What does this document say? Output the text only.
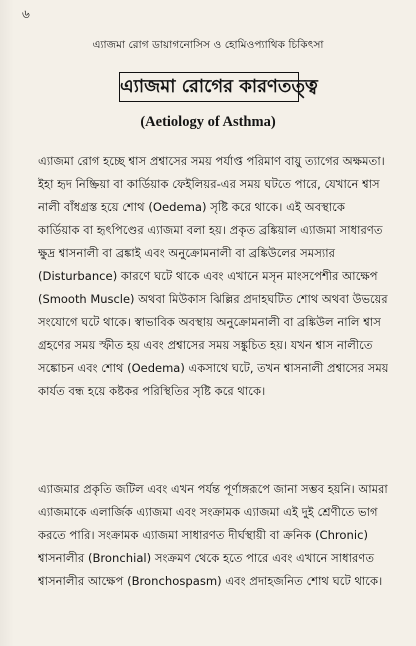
৬
এ্যাজমা রোগ ডায়াগনোসিস ও হোমিওপ্যাথিক চিকিৎসা
এ্যাজমা রোগের কারণতত্ত্ব
(Aetiology of Asthma)
এ্যাজমা রোগ হচ্ছে শ্বাস প্রশ্বাসের সময় পর্যাপ্ত পরিমাণ বায়ু ত্যাগের অক্ষমতা।
ইহা হৃদ নিষ্ক্রিয়া বা কার্ডিয়াক ফেইলিয়র-এর সময় ঘটতে পারে, যেখানে শ্বাস
নালী বাঁধগ্রস্ত হয়ে শোথ (Oedema) সৃষ্টি করে থাকে। এই অবস্থাকে
কার্ডিয়াক বা হৃৎপিণ্ডের এ্যাজমা বলা হয়। প্রকৃত ব্রঙ্কিয়াল এ্যাজমা সাধারণত
ক্ষুদ্র শ্বাসনালী বা ব্রঙ্কাই এবং অনুক্রোমনালী বা ব্রঙ্কিউলের সমস্যার
(Disturbance) কারণে ঘটে থাকে এবং এখানে মসৃন মাংসপেশীর আক্ষেপ
(Smooth Muscle) অথবা মিউকাস ঝিল্লির প্রদাহঘটিত শোথ অথবা উভয়ের
সংযোগে ঘটে থাকে। স্বাভাবিক অবস্থায় অনুক্রোমনালী বা ব্রঙ্কিউল নালি শ্বাস
গ্রহণের সময় স্ফীত হয় এবং প্রশ্বাসের সময় সঙ্কুচিত হয়। যখন শ্বাস নালীতে
সঙ্কোচন এবং শোথ (Oedema) একসাথে ঘটে, তখন শ্বাসনালী প্রশ্বাসের সময়
কার্যত বন্ধ হয়ে কষ্টকর পরিস্থিতির সৃষ্টি করে থাকে।
এ্যাজমার প্রকৃতি জটিল এবং এখন পর্যন্ত পূর্ণাঙ্গরূপে জানা সম্ভব হয়নি। আমরা
এ্যাজমাকে এলার্জিক এ্যাজমা এবং সংক্রামক এ্যাজমা এই দুই শ্রেণীতে ভাগ
করতে পারি। সংক্রামক এ্যাজমা সাধারণত দীর্ঘস্থায়ী বা ক্রনিক (Chronic)
শ্বাসনালীর (Bronchial) সংক্রমণ থেকে হতে পারে এবং এখানে সাধারণত
শ্বাসনালীর আক্ষেপ (Bronchospasm) এবং প্রদাহজনিত শোথ ঘটে থাকে।
